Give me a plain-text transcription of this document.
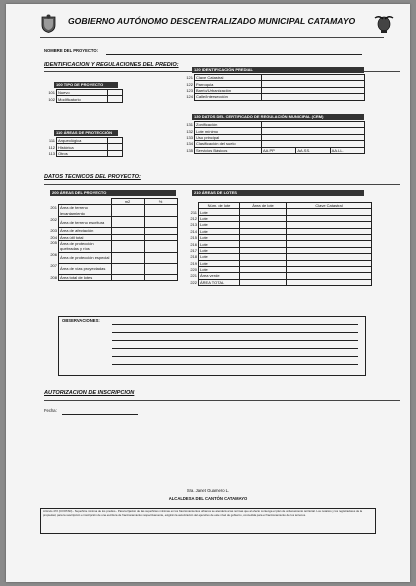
GOBIERNO AUTÓNOMO DESCENTRALIZADO MUNICIPAL CATAMAYO
NOMBRE DEL PROYECTO:
IDENTIFICACION Y REGULACIONES DEL PREDIO:
100 TIPO DE PROYECTO
101	Nuevo	
102	Modificatorio	
110 ÁREAS DE PROTECCIÓN
111	Arqueológica	
112	Histórica	
113	Otros	
120 IDENTIFICACIÓN PREDIAL
121	Clave Catastral	
122	Parroquia	
123	Barrio/Urbanización	
124	Calle/Intersección	
130 DATOS DEL CERTIFICADO DE REGULACIÓN MUNICIPAL (CRM)
131	Zonificación			
132	Lote mínimo			
133	Uso principal			
134	Clasificación del suelo			
135	Servicios Básicos	AA.PP	AA.SS.	AA.LL.
DATOS TECNICOS DEL PROYECTO:
200 ÁREAS DEL PROYECTO
		m2	%
201	Área de terreno levantamiento		
202	Área de terreno escritura		
203	Área de afectación		
204	Área útil total		
205	Área de protección quebradas y ríos		
206	Área de protección especial		
207	Área de vías proyectadas		
208	Área total de lotes		
210 ÁREAS DE LOTES
	Núm. de lote	Área de lote	Clave Catastral
211	Lote		
212	Lote		
213	Lote		
214	Lote		
215	Lote		
216	Lote		
217	Lote		
218	Lote		
219	Lote		
220	Lote		
221	Área verde		
222	ÁREA TOTAL		
OBSERVACIONES:
AUTORIZACION DE INSCRIPCION
Fecha:
Sra. Janet Guamero L.
ALCALDESA DEL CANTÓN CATAMAYO
Artículo 472 (COOTAD).- Superficie mínima de los predios.- Para la fijación de las superficies mínimas en los fraccionamientos urbanos se atenderá a las normas que al efecto contenga el plan de ordenamiento territorial. Los notarios y los registradores de la propiedad, para la suscripción e inscripción de una escritura de fraccionamiento respectivamente, exigirán la autorización del ejecutivo de este nivel de gobierno, concedida para el fraccionamiento de los terrenos.
